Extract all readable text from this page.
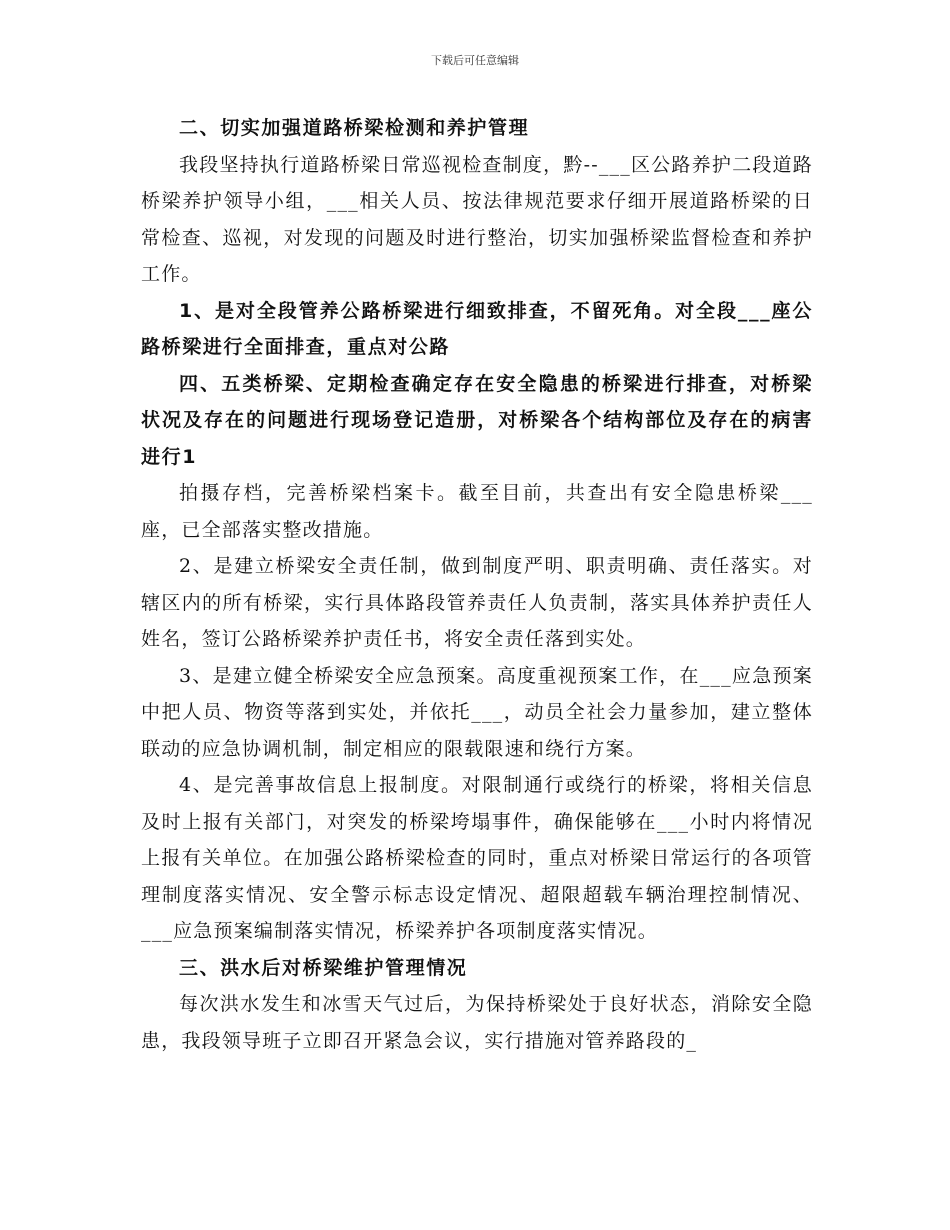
下载后可任意编辑

二、切实加强道路桥梁检测和养护管理

我段坚持执行道路桥梁日常巡视检查制度，黔--___区公路养护二段道路桥梁养护领导小组，___相关人员、按法律规范要求仔细开展道路桥梁的日常检查、巡视，对发现的问题及时进行整治，切实加强桥梁监督检查和养护工作。

1、是对全段管养公路桥梁进行细致排查，不留死角。对全段___座公路桥梁进行全面排查，重点对公路

四、五类桥梁、定期检查确定存在安全隐患的桥梁进行排查，对桥梁状况及存在的问题进行现场登记造册，对桥梁各个结构部位及存在的病害进行1

拍摄存档，完善桥梁档案卡。截至目前，共查出有安全隐患桥梁___座，已全部落实整改措施。

2、是建立桥梁安全责任制，做到制度严明、职责明确、责任落实。对辖区内的所有桥梁，实行具体路段管养责任人负责制，落实具体养护责任人姓名，签订公路桥梁养护责任书，将安全责任落到实处。

3、是建立健全桥梁安全应急预案。高度重视预案工作，在___应急预案中把人员、物资等落到实处，并依托___，动员全社会力量参加，建立整体联动的应急协调机制，制定相应的限载限速和绕行方案。

4、是完善事故信息上报制度。对限制通行或绕行的桥梁，将相关信息及时上报有关部门，对突发的桥梁垮塌事件，确保能够在___小时内将情况上报有关单位。在加强公路桥梁检查的同时，重点对桥梁日常运行的各项管理制度落实情况、安全警示标志设定情况、超限超载车辆治理控制情况、___应急预案编制落实情况，桥梁养护各项制度落实情况。

三、洪水后对桥梁维护管理情况

每次洪水发生和冰雪天气过后，为保持桥梁处于良好状态，消除安全隐患，我段领导班子立即召开紧急会议，实行措施对管养路段的_
